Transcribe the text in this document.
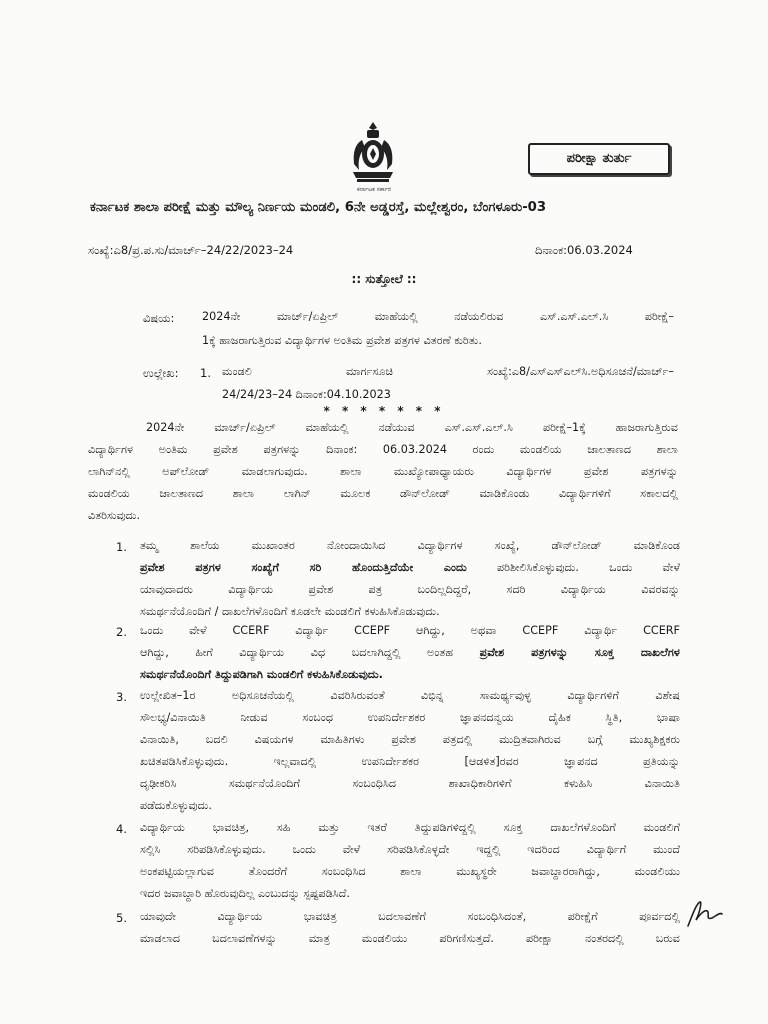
ಕರ್ನಾಟಕ ಸರ್ಕಾರ
ಪರೀಕ್ಷಾ ತುರ್ತು
ಕರ್ನಾಟಕ ಶಾಲಾ ಪರೀಕ್ಷೆ ಮತ್ತು ಮೌಲ್ಯ ನಿರ್ಣಯ ಮಂಡಲಿ, 6ನೇ ಅಡ್ಡರಸ್ತೆ, ಮಲ್ಲೇಶ್ವರಂ, ಬೆಂಗಳೂರು-03
ಸಂಖ್ಯೆ:ಎ8/ಪ್ರ.ಪ.ಸು/ಮಾರ್ಚ್–24/22/2023–24	ದಿನಾಂಕ:06.03.2024
:: ಸುತ್ತೋಲೆ ::
ವಿಷಯ: 2024ನೇ ಮಾರ್ಚ್/ಏಪ್ರಿಲ್ ಮಾಹೆಯಲ್ಲಿ ನಡೆಯಲಿರುವ ಎಸ್.ಎಸ್.ಎಲ್.ಸಿ ಪರೀಕ್ಷೆ–
1ಕ್ಕೆ ಹಾಜರಾಗುತ್ತಿರುವ ವಿದ್ಯಾರ್ಥಿಗಳ ಅಂತಿಮ ಪ್ರವೇಶ ಪತ್ರಗಳ ವಿತರಣೆ ಕುರಿತು.
ಉಲ್ಲೇಖ: 1. ಮಂಡಲಿ ಮಾರ್ಗಸೂಚಿ ಸಂಖ್ಯೆ:ಎ8/ಎಸ್‌ಎಸ್‌ಎಲ್‌ಸಿ.ಅಧಿಸೂಚನೆ/ಮಾರ್ಚ್–
24/24/23–24 ದಿನಾಂಕ:04.10.2023
* * * * * * *
2024ನೇ ಮಾರ್ಚ್/ಏಪ್ರಿಲ್ ಮಾಹೆಯಲ್ಲಿ ನಡೆಯುವ ಎಸ್.ಎಸ್.ಎಲ್.ಸಿ ಪರೀಕ್ಷೆ–1ಕ್ಕೆ ಹಾಜರಾಗುತ್ತಿರುವ
ವಿದ್ಯಾರ್ಥಿಗಳ ಅಂತಿಮ ಪ್ರವೇಶ ಪತ್ರಗಳನ್ನು ದಿನಾಂಕ: 06.03.2024 ರಂದು ಮಂಡಲಿಯ ಜಾಲತಾಣದ ಶಾಲಾ
ಲಾಗಿನ್‌ನಲ್ಲಿ ಅಪ್‌ಲೋಡ್ ಮಾಡಲಾಗುವುದು. ಶಾಲಾ ಮುಖ್ಯೋಪಾಧ್ಯಾಯರು ವಿದ್ಯಾರ್ಥಿಗಳ ಪ್ರವೇಶ ಪತ್ರಗಳನ್ನು
ಮಂಡಲಿಯ ಜಾಲತಾಣದ ಶಾಲಾ ಲಾಗಿನ್ ಮೂಲಕ ಡೌನ್‌ಲೋಡ್ ಮಾಡಿಕೊಂಡು ವಿದ್ಯಾರ್ಥಿಗಳಿಗೆ ಸಕಾಲದಲ್ಲಿ
ವಿತರಿಸುವುದು.
1. ತಮ್ಮ ಶಾಲೆಯ ಮುಖಾಂತರ ನೋಂದಾಯಿಸಿದ ವಿದ್ಯಾರ್ಥಿಗಳ ಸಂಖ್ಯೆ, ಡೌನ್‌ಲೋಡ್ ಮಾಡಿಕೊಂಡ
ಪ್ರವೇಶ ಪತ್ರಗಳ ಸಂಖ್ಯೆಗೆ ಸರಿ ಹೊಂದುತ್ತಿದೆಯೇ ಎಂದು ಪರಿಶೀಲಿಸಿಕೊಳ್ಳುವುದು. ಒಂದು ವೇಳೆ
ಯಾವುದಾದರು ವಿದ್ಯಾರ್ಥಿಯ ಪ್ರವೇಶ ಪತ್ರ ಬಂದಿಲ್ಲದಿದ್ದರೆ, ಸದರಿ ವಿದ್ಯಾರ್ಥಿಯ ವಿವರವನ್ನು
ಸಮರ್ಥನೆಯೊಂದಿಗೆ / ದಾಖಲೆಗಳೊಂದಿಗೆ ಕೂಡಲೇ ಮಂಡಲಿಗೆ ಕಳುಹಿಸಿಕೊಡುವುದು.
2. ಒಂದು ವೇಳೆ CCERF ವಿದ್ಯಾರ್ಥಿ CCEPF ಆಗಿದ್ದು, ಅಥವಾ CCEPF ವಿದ್ಯಾರ್ಥಿ CCERF
ಆಗಿದ್ದು, ಹೀಗೆ ವಿದ್ಯಾರ್ಥಿಯ ವಿಧ ಬದಲಾಗಿದ್ದಲ್ಲಿ ಅಂತಹ ಪ್ರವೇಶ ಪತ್ರಗಳನ್ನು ಸೂಕ್ತ ದಾಖಲೆಗಳ
ಸಮರ್ಥನೆಯೊಂದಿಗೆ ತಿದ್ದುಪಡಿಗಾಗಿ ಮಂಡಲಿಗೆ ಕಳುಹಿಸಿಕೊಡುವುದು.
3. ಉಲ್ಲೇಖಿತ–1ರ ಅಧಿಸೂಚನೆಯಲ್ಲಿ ವಿವರಿಸಿರುವಂತೆ ವಿಭಿನ್ನ ಸಾಮರ್ಥ್ಯವುಳ್ಳ ವಿದ್ಯಾರ್ಥಿಗಳಿಗೆ ವಿಶೇಷ
ಸೌಲಭ್ಯ/ವಿನಾಯಿತಿ ನೀಡುವ ಸಂಬಂಧ ಉಪನಿರ್ದೇಶಕರ ಜ್ಞಾಪನದನ್ವಯ ದೈಹಿಕ ಸ್ಥಿತಿ, ಭಾಷಾ
ವಿನಾಯಿತಿ, ಬದಲಿ ವಿಷಯಗಳ ಮಾಹಿತಿಗಳು ಪ್ರವೇಶ ಪತ್ರದಲ್ಲಿ ಮುದ್ರಿತವಾಗಿರುವ ಬಗ್ಗೆ ಮುಖ್ಯಶಿಕ್ಷಕರು
ಖಚಿತಪಡಿಸಿಕೊಳ್ಳುವುದು. ಇಲ್ಲವಾದಲ್ಲಿ ಉಪನಿರ್ದೇಶಕರ [ಆಡಳಿತ]ರವರ ಜ್ಞಾಪನದ ಪ್ರತಿಯನ್ನು
ದೃಢೀಕರಿಸಿ ಸಮರ್ಥನೆಯೊಂದಿಗೆ ಸಂಬಂಧಿಸಿದ ಶಾಖಾಧಿಕಾರಿಗಳಿಗೆ ಕಳುಹಿಸಿ ವಿನಾಯಿತಿ
ಪಡೆದುಕೊಳ್ಳುವುದು.
4. ವಿದ್ಯಾರ್ಥಿಯ ಭಾವಚಿತ್ರ, ಸಹಿ ಮತ್ತು ಇತರೆ ತಿದ್ದುಪಡಿಗಳಿದ್ದಲ್ಲಿ ಸೂಕ್ತ ದಾಖಲೆಗಳೊಂದಿಗೆ ಮಂಡಲಿಗೆ
ಸಲ್ಲಿಸಿ ಸರಿಪಡಿಸಿಕೊಳ್ಳುವುದು. ಒಂದು ವೇಳೆ ಸರಿಪಡಿಸಿಕೊಳ್ಳದೇ ಇದ್ದಲ್ಲಿ ಇದರಿಂದ ವಿದ್ಯಾರ್ಥಿಗೆ ಮುಂದೆ
ಅಂಕಪಟ್ಟಿಯಲ್ಲಾಗುವ ತೊಂದರೆಗೆ ಸಂಬಂಧಿಸಿದ ಶಾಲಾ ಮುಖ್ಯಸ್ಥರೇ ಜವಾಬ್ದಾರರಾಗಿದ್ದು, ಮಂಡಲಿಯು
ಇದರ ಜವಾಬ್ದಾರಿ ಹೊರುವುದಿಲ್ಲ ಎಂಬುದನ್ನು ಸ್ಪಷ್ಟಪಡಿಸಿದೆ.
5. ಯಾವುದೇ ವಿದ್ಯಾರ್ಥಿಯ ಭಾವಚಿತ್ರ ಬದಲಾವಣೆಗೆ ಸಂಬಂಧಿಸಿದಂತೆ, ಪರೀಕ್ಷೆಗೆ ಪೂರ್ವದಲ್ಲಿ
ಮಾಡಲಾದ ಬದಲಾವಣೆಗಳನ್ನು ಮಾತ್ರ ಮಂಡಲಿಯು ಪರಿಗಣಿಸುತ್ತದೆ. ಪರೀಕ್ಷಾ ನಂತರದಲ್ಲಿ ಬರುವ
